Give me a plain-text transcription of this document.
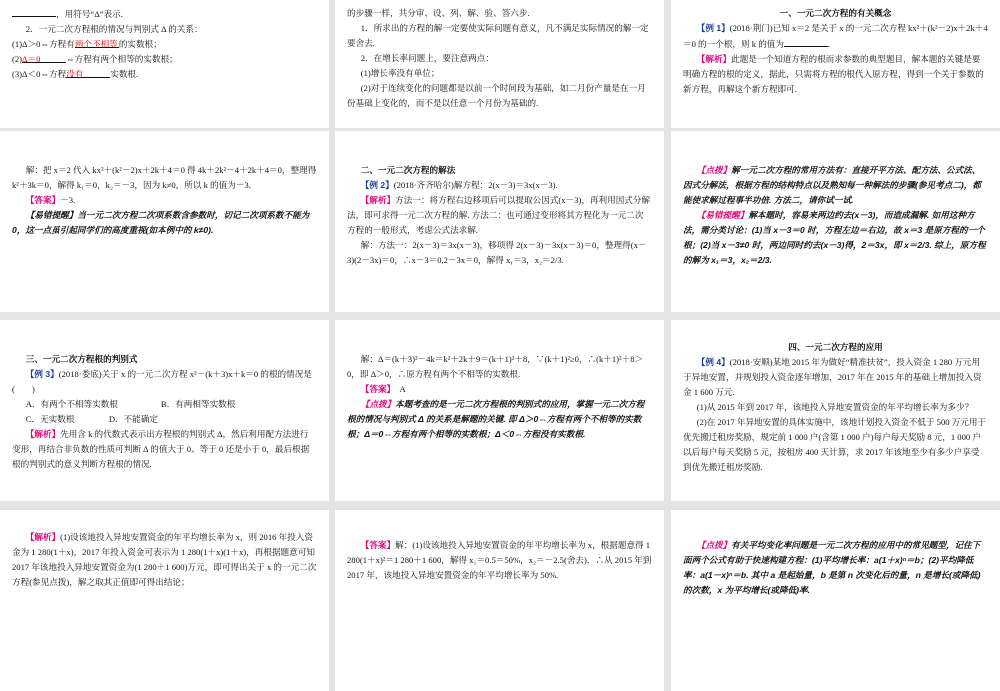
，用符号“Δ”表示.

2．一元二次方程根的情况与判别式 Δ 的关系：

(1)Δ＞0⇔方程有两个不相等的实数根；

(2)Δ＝0	⇔方程有两个相等的实数根；

(3)Δ＜0⇔方程没有	实数根.

的步骤一样，共分审、设、列、解、验、答六步.

1．所求出的方程的解一定要使实际问题有意义，凡不满足实际情况的解一定要舍去.

2．在增长率问题上，要注意两点：

(1)增长率没有单位；

(2)对于连续变化的问题都是以前一个时间段为基础，如二月份产量是在一月份基础上变化的，而不是以任意一个月份为基础的.

一、一元二次方程的有关概念

【例 1】(2018·荆门)已知 x＝2 是关于 x 的一元二次方程 kx²＋(k²－2)x＋2k＋4＝0 的一个根，则 k 的值为	.

【解析】此题是一个知道方程的根而求参数的典型题目，解本题的关键是要明确方程的根的定义，据此，只需将方程的根代入原方程，得到一个关于参数的新方程，再解这个新方程即可.

解：把 x＝2 代入 kx²＋(k²－2)x＋2k＋4＝0 得 4k＋2k²－4＋2k＋4＝0，整理得 k²＋3k＝0，解得 k₁＝0，k₂＝－3，因为 k≠0，所以 k 的值为－3.

【答案】－3.

【易错提醒】当一元二次方程二次项系数含参数时，切记二次项系数不能为 0，这一点虽引起同学们的高度重视(如本例中的 k≠0).

二、一元二次方程的解法

【例 2】(2018·齐齐哈尔)解方程：2(x－3)＝3x(x－3).

【解析】方法一：将方程右边移项后可以提取公因式(x－3)，再利用因式分解法，即可求得一元二次方程的解. 方法二：也可通过变形将其方程化为一元二次方程的一般形式，考虑公式法求解.

解：方法一：2(x－3)＝3x(x－3)，移项得 2(x－3)－3x(x－3)＝0，整理得(x－3)(2－3x)＝0，∴x－3＝0,2－3x＝0，解得 x₁＝3，x₂＝2/3.

【点拨】解一元二次方程的常用方法有：直接开平方法、配方法、公式法、因式分解法，根据方程的结构特点以及熟知每一种解法的步骤(参见考点二)，都能使求解过程事半功倍. 方法二，请你试一试.

【易错提醒】解本题时，容易来两边约去(x－3)，而造成漏解. 如用这种方法，需分类讨论：(1)当 x－3＝0 时，方程左边＝右边，故 x＝3 是原方程的一个根；(2)当 x－3≠0 时，两边同时约去(x－3)得，2＝3x，即 x＝2/3. 综上，原方程的解为 x₁＝3，x₂＝2/3.

三、一元二次方程根的判别式

【例 3】(2018·娄底)关于 x 的一元二次方程 x²－(k＋3)x＋k＝0 的根的情况是　　(　　)

A．有两个不相等实数根　　　　　	B．有两相等实数根

C．无实数根　　　　	D．不能确定

【解析】先用含 k 的代数式表示出方程根的判别式 Δ，然后利用配方法进行变形，再结合非负数的性质可判断 Δ 的值大于 0、等于 0 还是小于 0，最后根据根的判别式的意义判断方程根的情况.

解：Δ＝(k＋3)²－4k＝k²＋2k＋9＝(k＋1)²＋8，∵(k＋1)²≥0，∴(k＋1)²＋8＞0，即 Δ＞0，∴原方程有两个不相等的实数根.

【答案】　 A

【点拨】本题考查的是一元二次方程根的判别式的应用，掌握一元二次方程根的情况与判别式 Δ 的关系是解题的关键. 即 Δ＞0⇔方程有两个不相等的实数根；Δ＝0⇔方程有两个相等的实数根；Δ＜0⇔方程没有实数根.

四、一元二次方程的应用

【例 4】(2018·安顺)某地 2015 年为做好“精准扶贫”，投入资金 1 280 万元用于异地安置，并规划投入资金逐年增加，2017 年在 2015 年的基础上增加投入资金 1 600 万元.

(1)从 2015 年到 2017 年，该地投入异地安置资金的年平均增长率为多少？

(2)在 2017 年异地安置的具体实施中，该地计划投入资金不低于 500 万元用于优先搬迁租房奖励，规定前 1 000 户(含第 1 000 户)每户每天奖励 8 元，1 000 户以后每户每天奖励 5 元，按租房 400 天计算，求 2017 年该地至少有多少户享受到优先搬迁租房奖励.

【解析】(1)设该地投入异地安置资金的年平均增长率为 x，则 2016 年投入资金为 1 280(1＋x)，2017 年投入资金可表示为 1 280(1＋x)(1＋x)，再根据题意可知 2017 年该地投入异地安置资金为(1 280＋1 600)万元，即可得出关于 x 的一元二次方程(参见点拨)，解之取其正值即可得出结论；

【答案】解：(1)设该地投入异地安置资金的年平均增长率为 x，根据题意得 1 280(1＋x)²＝1 280＋1 600，解得 x₁＝0.5＝50%，x₂＝－2.5(舍去)．∴从 2015 年到 2017 年，该地投入异地安置资金的年平均增长率为 50%.

【点拨】有关平均变化率问题是一元二次方程的应用中的常见题型，记住下面两个公式有助于快速构建方程：(1)平均增长率：a(1＋x)ⁿ＝b；(2)平均降低率：a(1－x)ⁿ＝b. 其中 a 是起始量，b 是第 n 次变化后的量，n 是增长(或降低)的次数，x 为平均增长(或降低)率.
